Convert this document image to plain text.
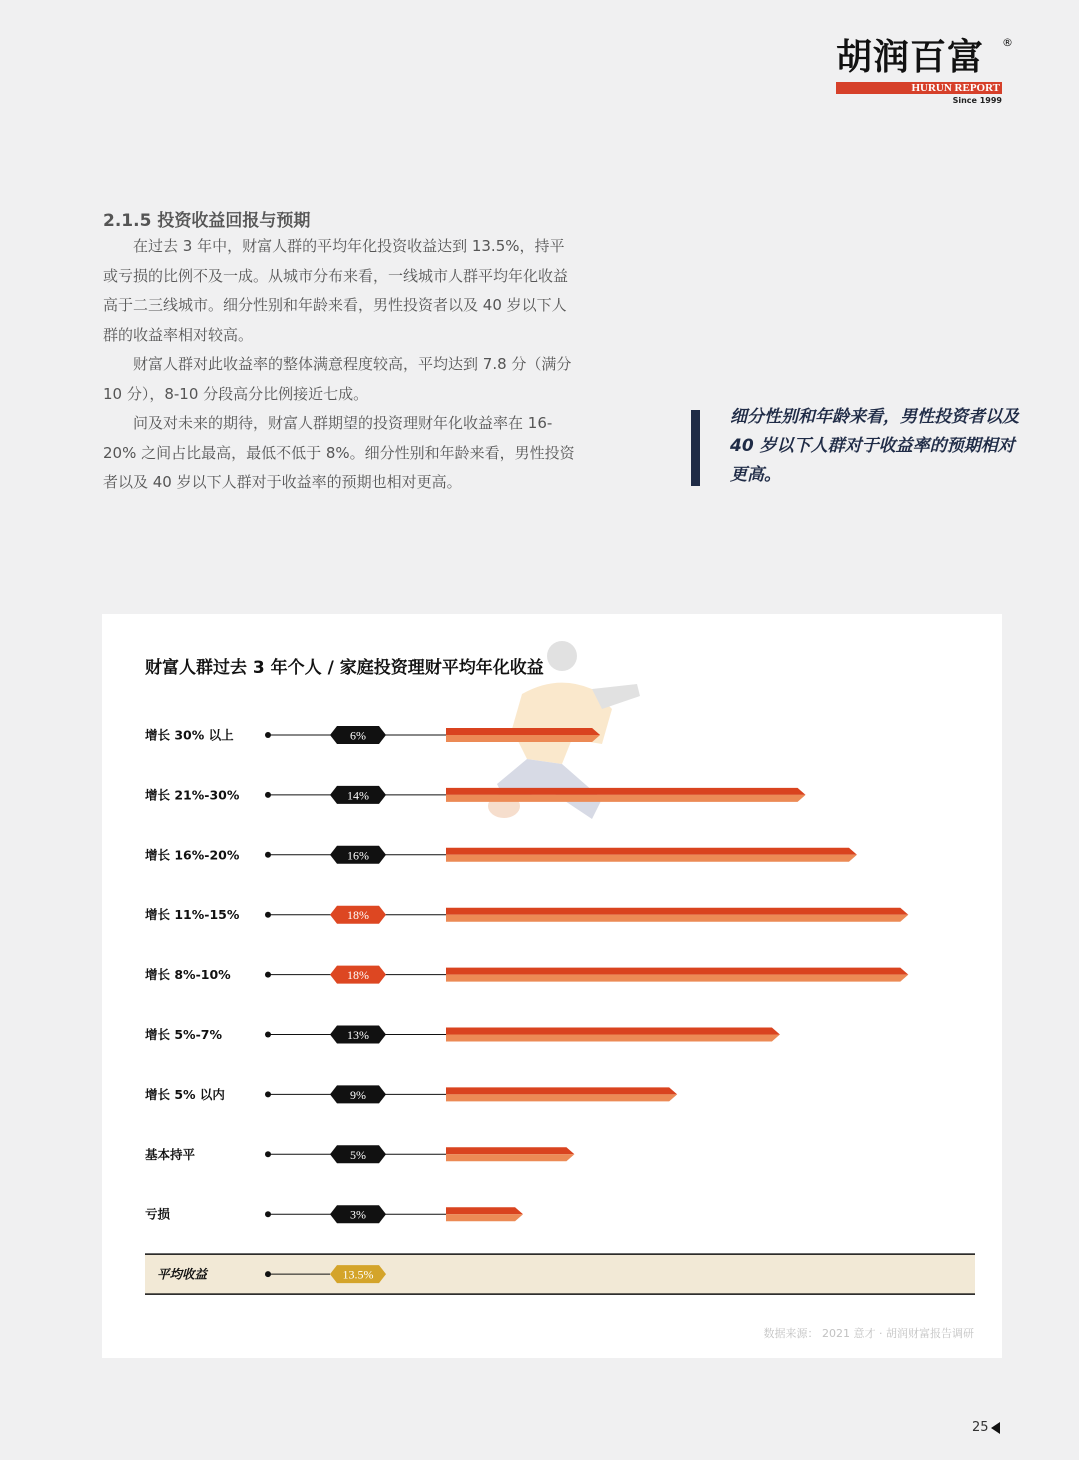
胡润百富 ®
HURUN REPORT
Since 1999
2.1.5 投资收益回报与预期

在过去 3 年中，财富人群的平均年化投资收益达到 13.5%，持平或亏损的比例不及一成。从城市分布来看，一线城市人群平均年化收益高于二三线城市。细分性别和年龄来看，男性投资者以及 40 岁以下人群的收益率相对较高。

财富人群对此收益率的整体满意程度较高，平均达到 7.8 分（满分 10 分），8-10 分段高分比例接近七成。

问及对未来的期待，财富人群期望的投资理财年化收益率在 16-20% 之间占比最高，最低不低于 8%。细分性别和年龄来看，男性投资者以及 40 岁以下人群对于收益率的预期也相对更高。

细分性别和年龄来看，男性投资者以及 40 岁以下人群对于收益率的预期相对更高。
财富人群过去 3 年个人 / 家庭投资理财平均年化收益
增长 30% 以上	6%
增长 21%-30%	14%
增长 16%-20%	16%
增长 11%-15%	18%
增长 8%-10%	18%
增长 5%-7%	13%
增长 5% 以内	9%
基本持平	5%
亏损	3%
平均收益	13.5%
数据来源： 2021 意才 · 胡润财富报告调研
25
